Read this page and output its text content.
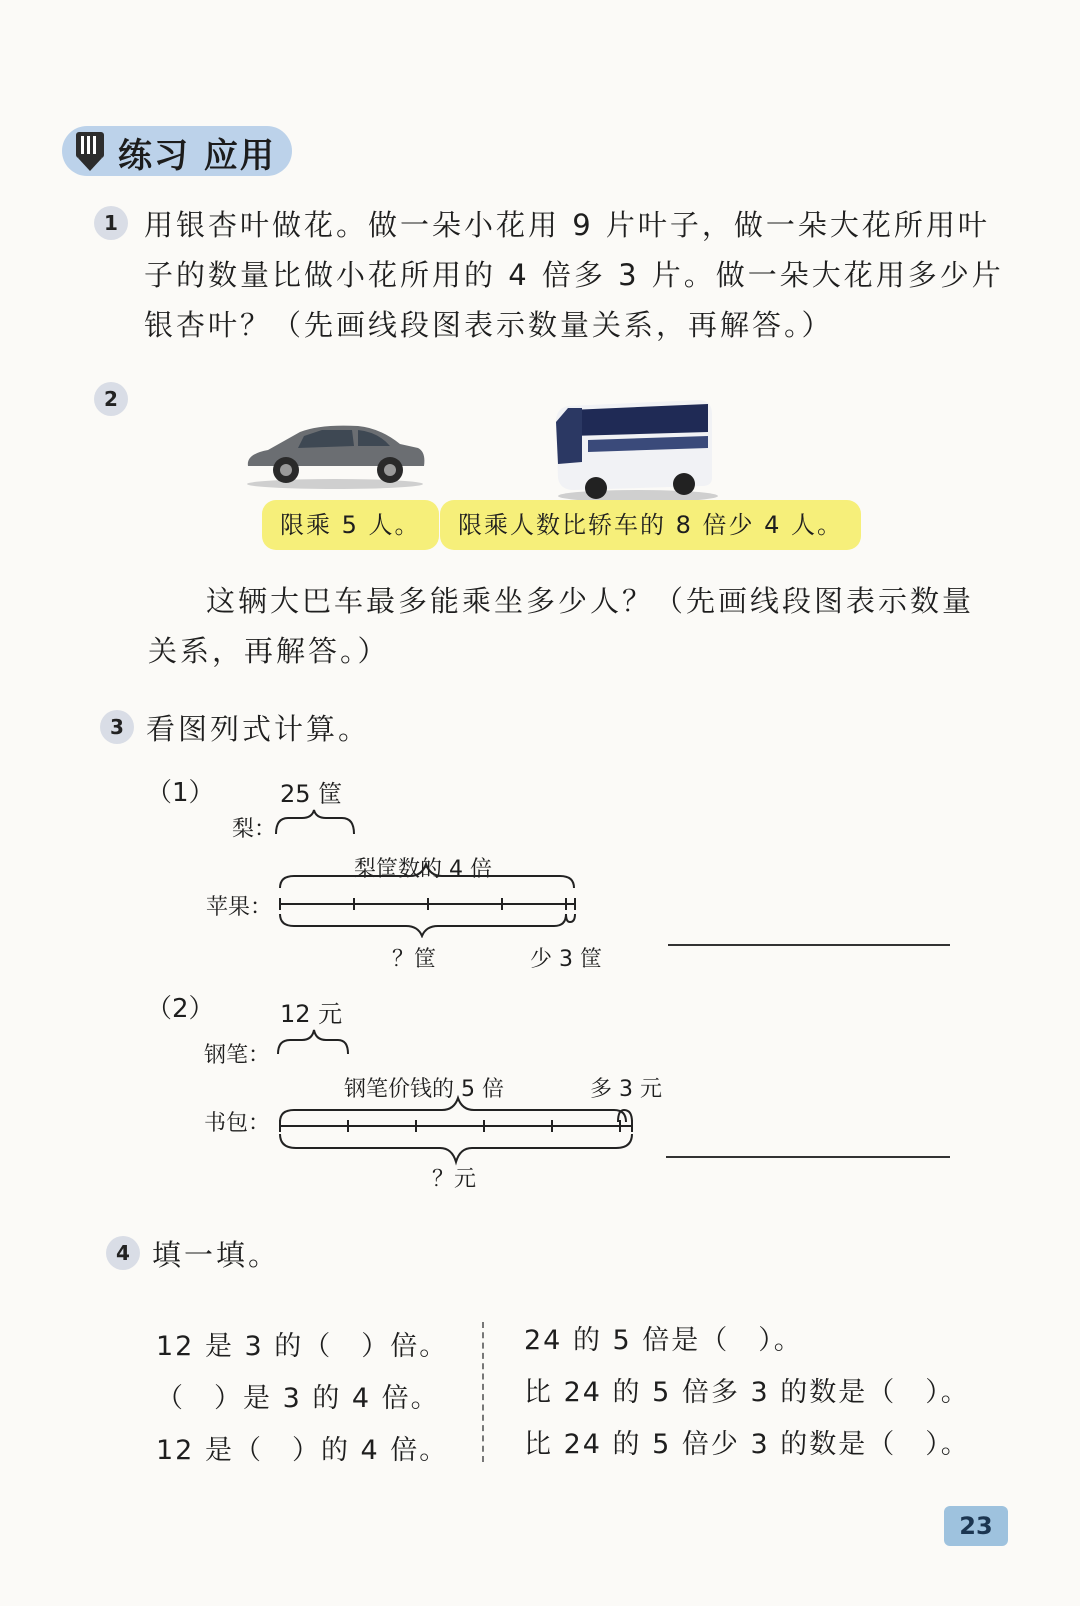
练习 应用
1 用银杏叶做花。做一朵小花用 9 片叶子，做一朵大花所用叶
子的数量比做小花所用的 4 倍多 3 片。做一朵大花用多少片
银杏叶？（先画线段图表示数量关系，再解答。）
2
限乘 5 人。	限乘人数比轿车的 8 倍少 4 人。
这辆大巴车最多能乘坐多少人？（先画线段图表示数量
关系，再解答。）
3 看图列式计算。
（1）	25 筐
梨：
梨筐数的 4 倍
苹果：
？筐	少 3 筐
（2）	12 元
钢笔：
钢笔价钱的 5 倍	多 3 元
书包：
？元
4 填一填。
12 是 3 的（　）倍。
（　）是 3 的 4 倍。
12 是（　）的 4 倍。
24 的 5 倍是（　）。
比 24 的 5 倍多 3 的数是（　）。
比 24 的 5 倍少 3 的数是（　）。
23
